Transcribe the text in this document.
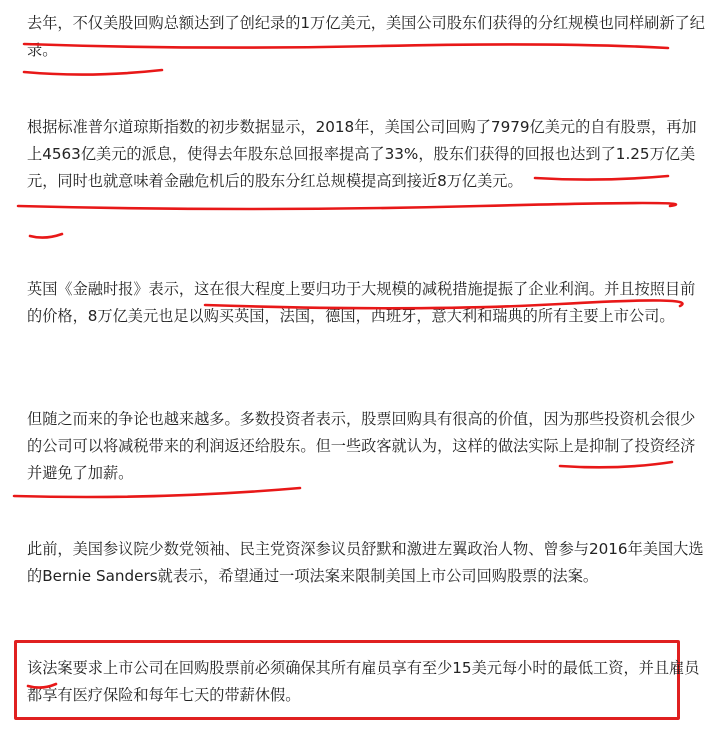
去年，不仅美股回购总额达到了创纪录的1万亿美元，美国公司股东们获得的分红规模也同样刷新了纪录。

根据标准普尔道琼斯指数的初步数据显示，2018年，美国公司回购了7979亿美元的自有股票，再加上4563亿美元的派息，使得去年股东总回报率提高了33%，股东们获得的回报也达到了1.25万亿美元，同时也就意味着金融危机后的股东分红总规模提高到接近8万亿美元。

英国《金融时报》表示，这在很大程度上要归功于大规模的减税措施提振了企业利润。并且按照目前的价格，8万亿美元也足以购买英国，法国，德国，西班牙，意大利和瑞典的所有主要上市公司。

但随之而来的争论也越来越多。多数投资者表示，股票回购具有很高的价值，因为那些投资机会很少的公司可以将减税带来的利润返还给股东。但一些政客就认为，这样的做法实际上是抑制了投资经济并避免了加薪。

此前，美国参议院少数党领袖、民主党资深参议员舒默和激进左翼政治人物、曾参与2016年美国大选的Bernie Sanders就表示，希望通过一项法案来限制美国上市公司回购股票的法案。

该法案要求上市公司在回购股票前必须确保其所有雇员享有至少15美元每小时的最低工资，并且雇员都享有医疗保险和每年七天的带薪休假。
